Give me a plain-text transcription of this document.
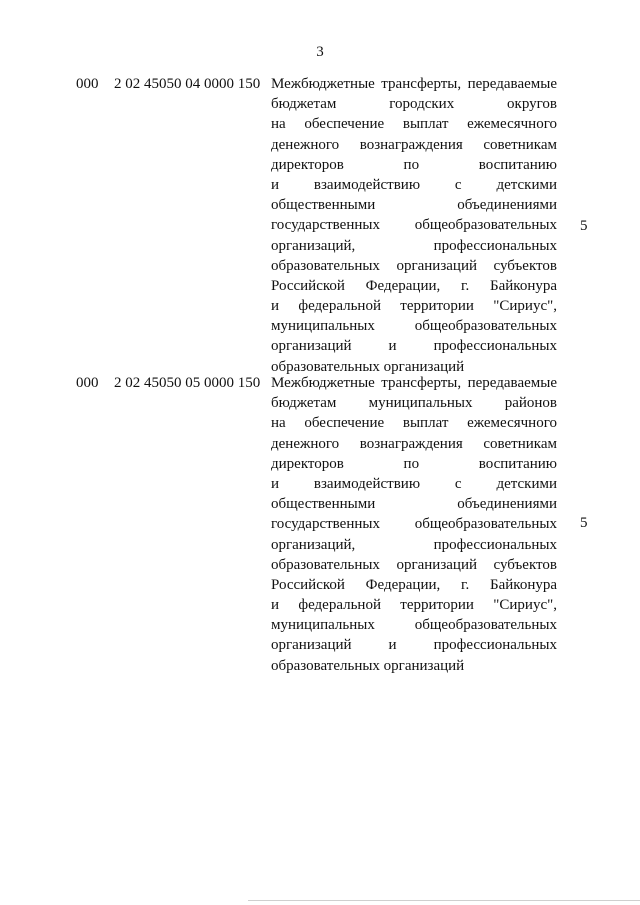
3
000 2 02 45050 04 0000 150 Межбюджетные трансферты, передаваемые
бюджетам городских округов
на обеспечение выплат ежемесячного
денежного вознаграждения советникам
директоров по воспитанию
и взаимодействию с детскими
общественными объединениями
государственных общеобразовательных
организаций, профессиональных
образовательных организаций субъектов
Российской Федерации, г. Байконура
и федеральной территории "Сириус",
муниципальных общеобразовательных
организаций и профессиональных
образовательных организаций
5
000 2 02 45050 05 0000 150 Межбюджетные трансферты, передаваемые
бюджетам муниципальных районов
на обеспечение выплат ежемесячного
денежного вознаграждения советникам
директоров по воспитанию
и взаимодействию с детскими
общественными объединениями
государственных общеобразовательных
организаций, профессиональных
образовательных организаций субъектов
Российской Федерации, г. Байконура
и федеральной территории "Сириус",
муниципальных общеобразовательных
организаций и профессиональных
образовательных организаций
5
